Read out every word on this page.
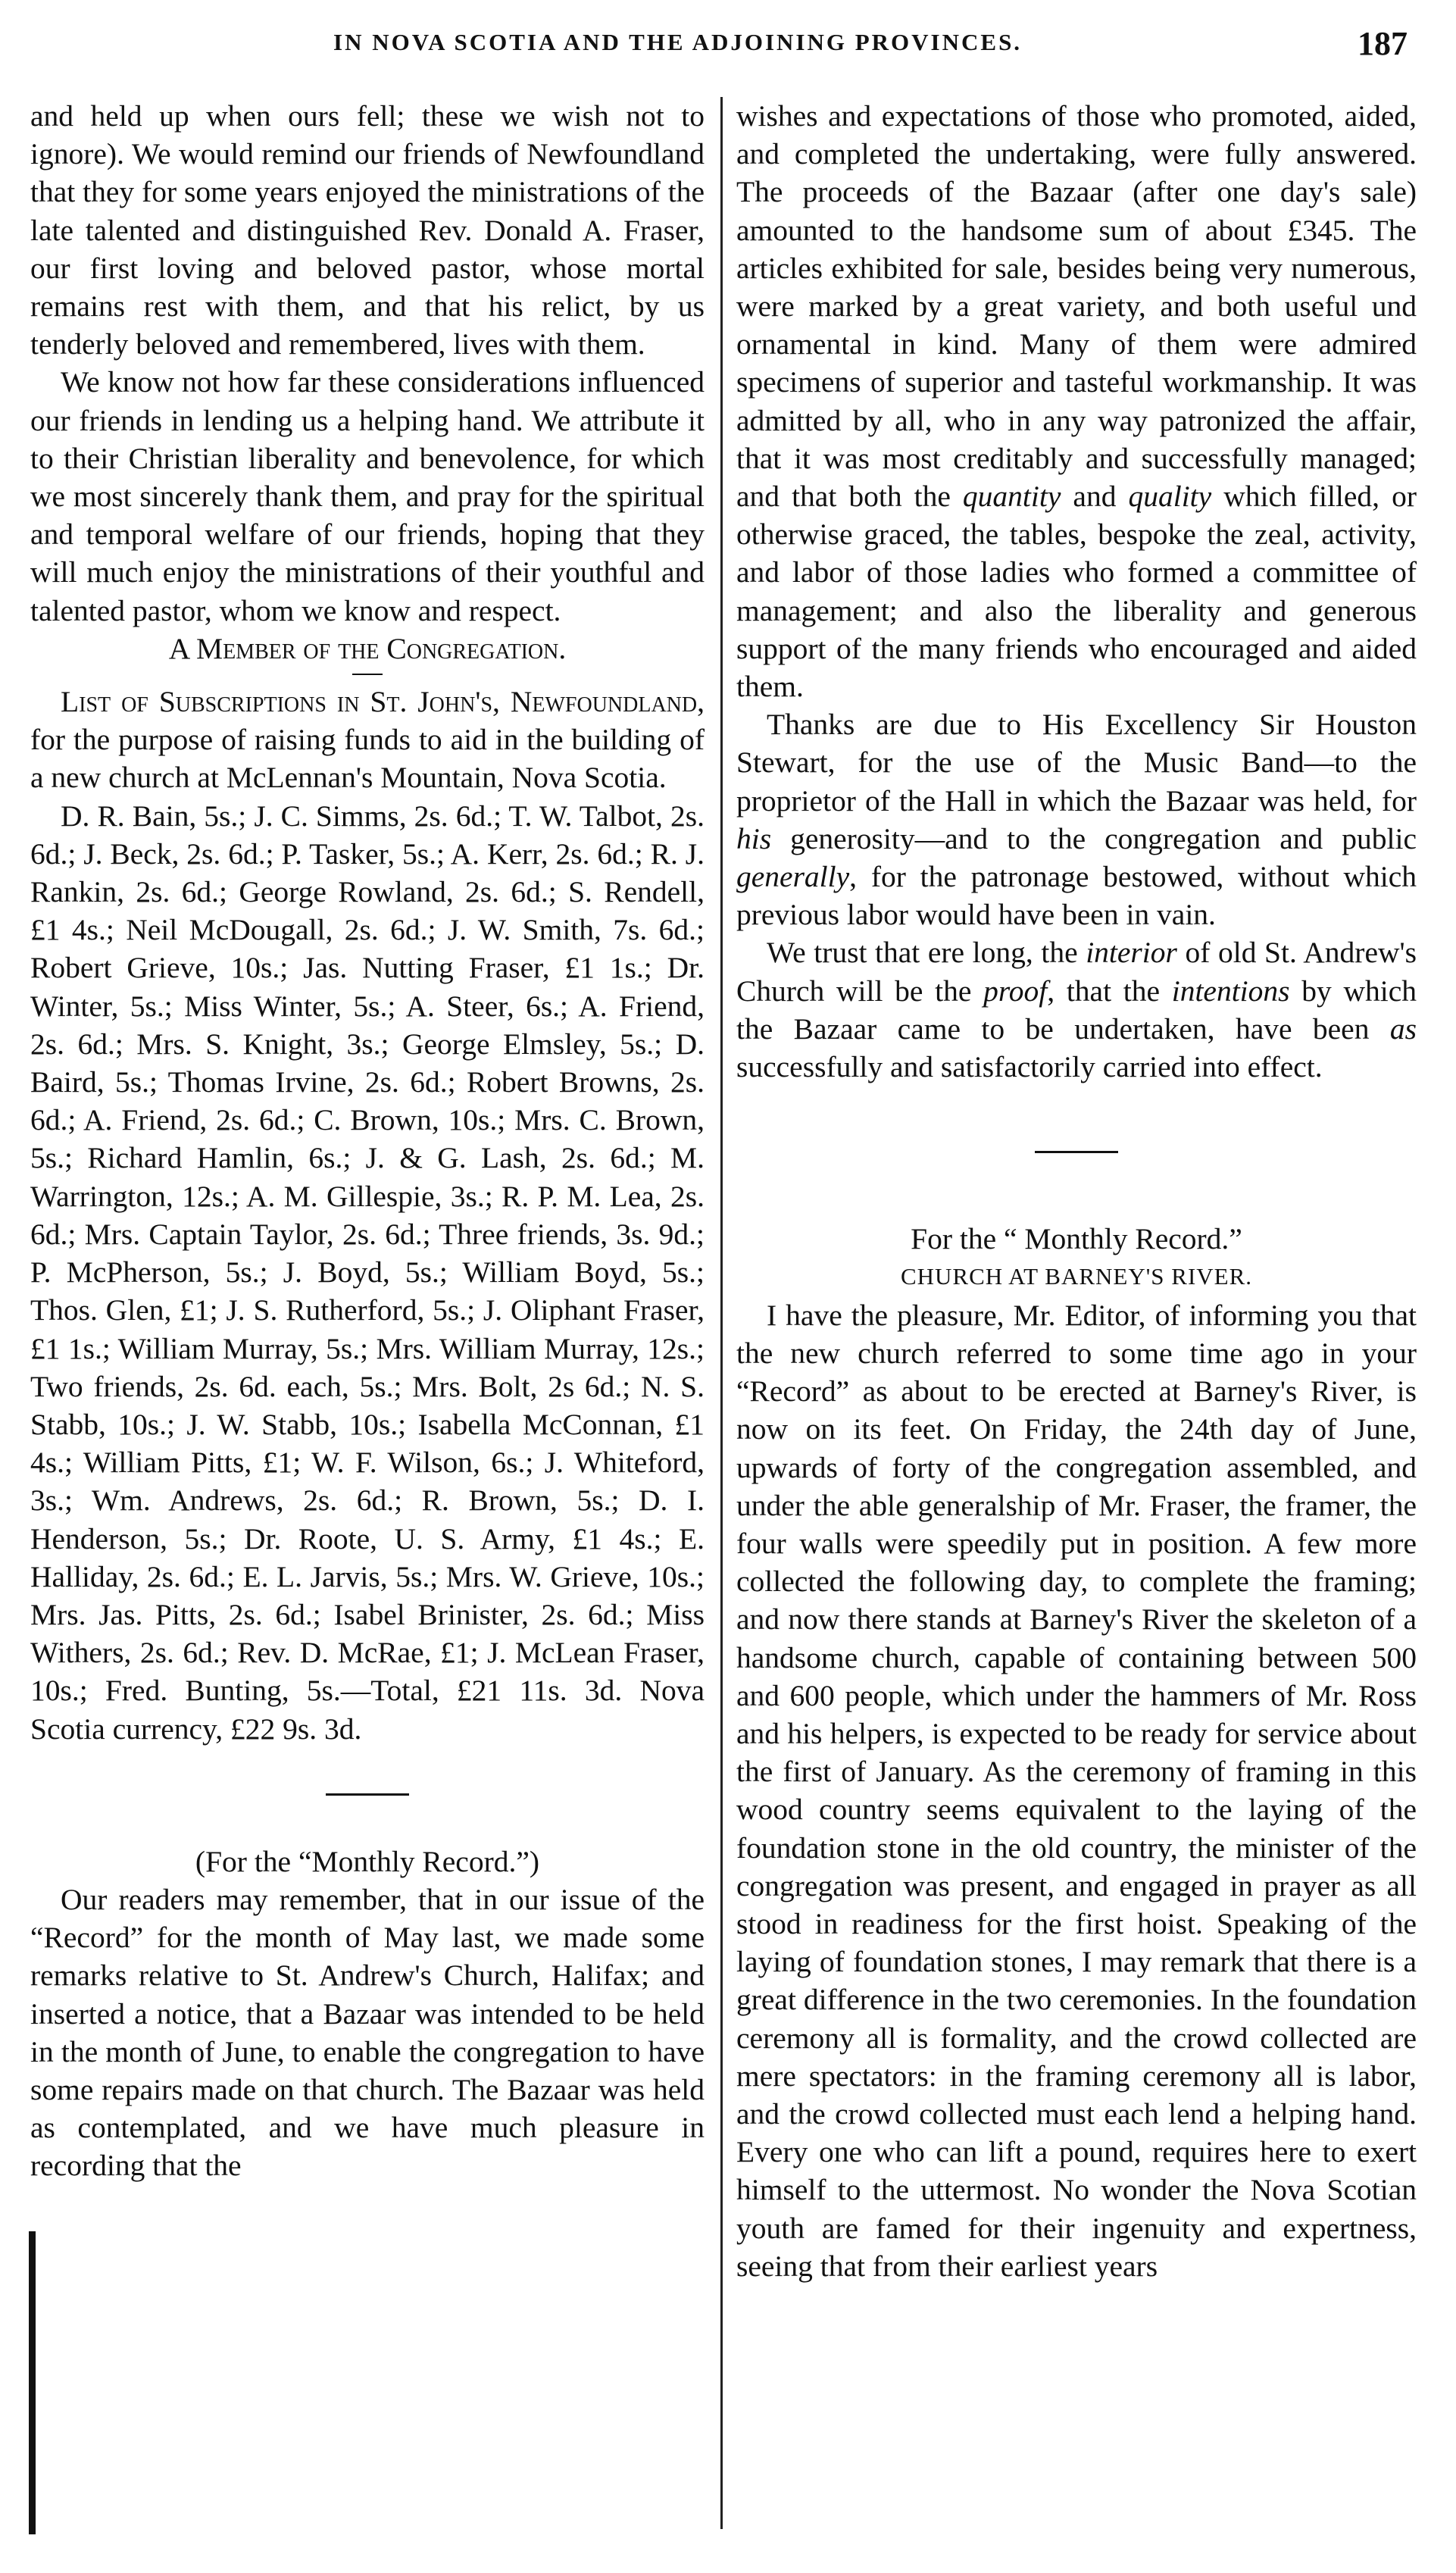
IN NOVA SCOTIA AND THE ADJOINING PROVINCES.	187

and held up when ours fell; these we wish not to ignore). We would remind our friends of Newfoundland that they for some years enjoyed the ministrations of the late talented and distinguished Rev. Donald A. Fraser, our first loving and beloved pastor, whose mortal remains rest with them, and that his relict, by us tenderly beloved and remembered, lives with them.

We know not how far these considerations influenced our friends in lending us a helping hand. We attribute it to their Christian liberality and benevolence, for which we most sincerely thank them, and pray for the spiritual and temporal welfare of our friends, hoping that they will much enjoy the ministrations of their youthful and talented pastor, whom we know and respect.

A Member of the Congregation.

List of Subscriptions in St. John's, Newfoundland, for the purpose of raising funds to aid in the building of a new church at McLennan's Mountain, Nova Scotia.

D. R. Bain, 5s.; J. C. Simms, 2s. 6d.; T. W. Talbot, 2s. 6d.; J. Beck, 2s. 6d.; P. Tasker, 5s.; A. Kerr, 2s. 6d.; R. J. Rankin, 2s. 6d.; George Rowland, 2s. 6d.; S. Rendell, £1 4s.; Neil McDougall, 2s. 6d.; J. W. Smith, 7s. 6d.; Robert Grieve, 10s.; Jas. Nutting Fraser, £1 1s.; Dr. Winter, 5s.; Miss Winter, 5s.; A. Steer, 6s.; A. Friend, 2s. 6d.; Mrs. S. Knight, 3s.; George Elmsley, 5s.; D. Baird, 5s.; Thomas Irvine, 2s. 6d.; Robert Browns, 2s. 6d.; A. Friend, 2s. 6d.; C. Brown, 10s.; Mrs. C. Brown, 5s.; Richard Hamlin, 6s.; J. & G. Lash, 2s. 6d.; M. Warrington, 12s.; A. M. Gillespie, 3s.; R. P. M. Lea, 2s. 6d.; Mrs. Captain Taylor, 2s. 6d.; Three friends, 3s. 9d.; P. McPherson, 5s.; J. Boyd, 5s.; William Boyd, 5s.; Thos. Glen, £1; J. S. Rutherford, 5s.; J. Oliphant Fraser, £1 1s.; William Murray, 5s.; Mrs. William Murray, 12s.; Two friends, 2s. 6d. each, 5s.; Mrs. Bolt, 2s 6d.; N. S. Stabb, 10s.; J. W. Stabb, 10s.; Isabella McConnan, £1 4s.; William Pitts, £1; W. F. Wilson, 6s.; J. Whiteford, 3s.; Wm. Andrews, 2s. 6d.; R. Brown, 5s.; D. I. Henderson, 5s.; Dr. Roote, U. S. Army, £1 4s.; E. Halliday, 2s. 6d.; E. L. Jarvis, 5s.; Mrs. W. Grieve, 10s.; Mrs. Jas. Pitts, 2s. 6d.; Isabel Brinister, 2s. 6d.; Miss Withers, 2s. 6d.; Rev. D. McRae, £1; J. McLean Fraser, 10s.; Fred. Bunting, 5s.—Total, £21 11s. 3d. Nova Scotia currency, £22 9s. 3d.

(For the “Monthly Record.”)

Our readers may remember, that in our issue of the “Record” for the month of May last, we made some remarks relative to St. Andrew's Church, Halifax; and inserted a notice, that a Bazaar was intended to be held in the month of June, to enable the congregation to have some repairs made on that church. The Bazaar was held as contemplated, and we have much pleasure in recording that the

wishes and expectations of those who promoted, aided, and completed the undertaking, were fully answered. The proceeds of the Bazaar (after one day's sale) amounted to the handsome sum of about £345. The articles exhibited for sale, besides being very numerous, were marked by a great variety, and both useful und ornamental in kind. Many of them were admired specimens of superior and tasteful workmanship. It was admitted by all, who in any way patronized the affair, that it was most creditably and successfully managed; and that both the quantity and quality which filled, or otherwise graced, the tables, bespoke the zeal, activity, and labor of those ladies who formed a committee of management; and also the liberality and generous support of the many friends who encouraged and aided them.

Thanks are due to His Excellency Sir Houston Stewart, for the use of the Music Band—to the proprietor of the Hall in which the Bazaar was held, for his generosity—and to the congregation and public generally, for the patronage bestowed, without which previous labor would have been in vain.

We trust that ere long, the interior of old St. Andrew's Church will be the proof, that the intentions by which the Bazaar came to be undertaken, have been as successfully and satisfactorily carried into effect.

For the “ Monthly Record.”

CHURCH AT BARNEY'S RIVER.

I have the pleasure, Mr. Editor, of informing you that the new church referred to some time ago in your “Record” as about to be erected at Barney's River, is now on its feet. On Friday, the 24th day of June, upwards of forty of the congregation assembled, and under the able generalship of Mr. Fraser, the framer, the four walls were speedily put in position. A few more collected the following day, to complete the framing; and now there stands at Barney's River the skeleton of a handsome church, capable of containing between 500 and 600 people, which under the hammers of Mr. Ross and his helpers, is expected to be ready for service about the first of January. As the ceremony of framing in this wood country seems equivalent to the laying of the foundation stone in the old country, the minister of the congregation was present, and engaged in prayer as all stood in readiness for the first hoist. Speaking of the laying of foundation stones, I may remark that there is a great difference in the two ceremonies. In the foundation ceremony all is formality, and the crowd collected are mere spectators: in the framing ceremony all is labor, and the crowd collected must each lend a helping hand. Every one who can lift a pound, requires here to exert himself to the uttermost. No wonder the Nova Scotian youth are famed for their ingenuity and expertness, seeing that from their earliest years
